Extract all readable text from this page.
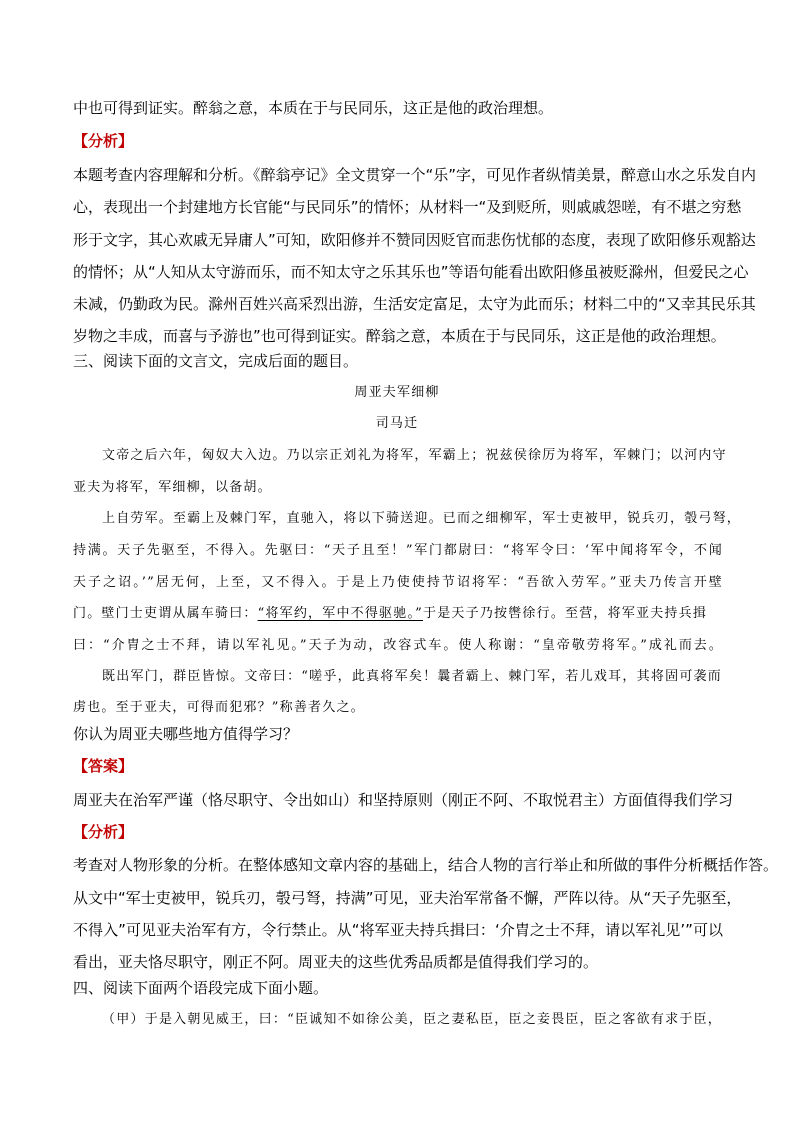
中也可得到证实。醉翁之意，本质在于与民同乐，这正是他的政治理想。
【分析】
本题考查内容理解和分析。《醉翁亭记》全文贯穿一个“乐”字，可见作者纵情美景，醉意山水之乐发自内
心，表现出一个封建地方长官能“与民同乐”的情怀；从材料一“及到贬所，则戚戚怨嗟，有不堪之穷愁
形于文字，其心欢戚无异庸人”可知，欧阳修并不赞同因贬官而悲伤忧郁的态度，表现了欧阳修乐观豁达
的情怀；从“人知从太守游而乐，而不知太守之乐其乐也”等语句能看出欧阳修虽被贬滁州，但爱民之心
未减，仍勤政为民。滁州百姓兴高采烈出游，生活安定富足，太守为此而乐；材料二中的“又幸其民乐其
岁物之丰成，而喜与予游也”也可得到证实。醉翁之意，本质在于与民同乐，这正是他的政治理想。
三、阅读下面的文言文，完成后面的题目。
周亚夫军细柳
司马迁
文帝之后六年，匈奴大入边。乃以宗正刘礼为将军，军霸上；祝兹侯徐厉为将军，军棘门；以河内守
亚夫为将军，军细柳，以备胡。
上自劳军。至霸上及棘门军，直驰入，将以下骑送迎。已而之细柳军，军士吏被甲，锐兵刃，彀弓弩，
持满。天子先驱至，不得入。先驱曰：“天子且至！”军门都尉曰：“将军令曰：‘军中闻将军令，不闻
天子之诏。’”居无何，上至，又不得入。于是上乃使使持节诏将军：“吾欲入劳军。”亚夫乃传言开壁
门。壁门士吏谓从属车骑曰：“将军约，军中不得驱驰。”于是天子乃按辔徐行。至营，将军亚夫持兵揖
曰：“介胄之士不拜，请以军礼见。”天子为动，改容式车。使人称谢：“皇帝敬劳将军。”成礼而去。
既出军门，群臣皆惊。文帝曰：“嗟乎，此真将军矣！曩者霸上、棘门军，若儿戏耳，其将固可袭而
虏也。至于亚夫，可得而犯邪？”称善者久之。
你认为周亚夫哪些地方值得学习？
【答案】
周亚夫在治军严谨（恪尽职守、令出如山）和坚持原则（刚正不阿、不取悦君主）方面值得我们学习
【分析】
考查对人物形象的分析。在整体感知文章内容的基础上，结合人物的言行举止和所做的事件分析概括作答。
从文中“军士吏被甲，锐兵刃，彀弓弩，持满”可见，亚夫治军常备不懈，严阵以待。从“天子先驱至，
不得入”可见亚夫治军有方，令行禁止。从“将军亚夫持兵揖曰：‘介胄之士不拜，请以军礼见’”可以
看出，亚夫恪尽职守，刚正不阿。周亚夫的这些优秀品质都是值得我们学习的。
四、阅读下面两个语段完成下面小题。
（甲）于是入朝见威王，曰：“臣诚知不如徐公美，臣之妻私臣，臣之妾畏臣，臣之客欲有求于臣，
